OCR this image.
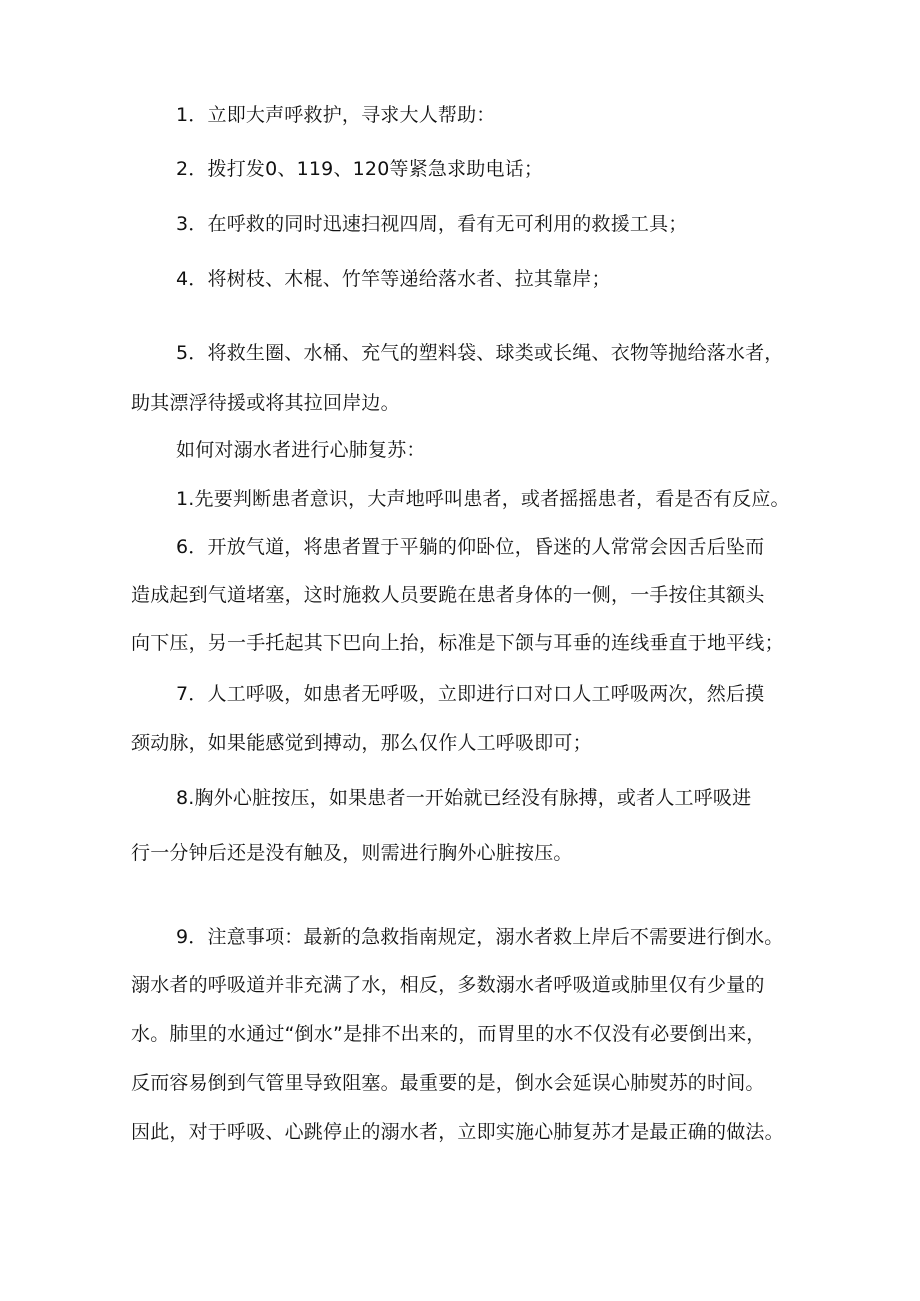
1．立即大声呼救护，寻求大人帮助：
2．拨打发0、119、120等紧急求助电话；
3．在呼救的同时迅速扫视四周，看有无可利用的救援工具；
4．将树枝、木棍、竹竿等递给落水者、拉其靠岸；
5．将救生圈、水桶、充气的塑料袋、球类或长绳、衣物等抛给落水者，
助其漂浮待援或将其拉回岸边。
如何对溺水者进行心肺复苏：
1.先要判断患者意识，大声地呼叫患者，或者摇摇患者，看是否有反应。
6．开放气道，将患者置于平躺的仰卧位，昏迷的人常常会因舌后坠而
造成起到气道堵塞，这时施救人员要跪在患者身体的一侧，一手按住其额头
向下压，另一手托起其下巴向上抬，标准是下颌与耳垂的连线垂直于地平线；
7．人工呼吸，如患者无呼吸，立即进行口对口人工呼吸两次，然后摸
颈动脉，如果能感觉到搏动，那么仅作人工呼吸即可；
8.胸外心脏按压，如果患者一开始就已经没有脉搏，或者人工呼吸进
行一分钟后还是没有触及，则需进行胸外心脏按压。
9．注意事项：最新的急救指南规定，溺水者救上岸后不需要进行倒水。
溺水者的呼吸道并非充满了水，相反，多数溺水者呼吸道或肺里仅有少量的
水。肺里的水通过“倒水”是排不出来的，而胃里的水不仅没有必要倒出来，
反而容易倒到气管里导致阻塞。最重要的是，倒水会延误心肺熨苏的时间。
因此，对于呼吸、心跳停止的溺水者，立即实施心肺复苏才是最正确的做法。
